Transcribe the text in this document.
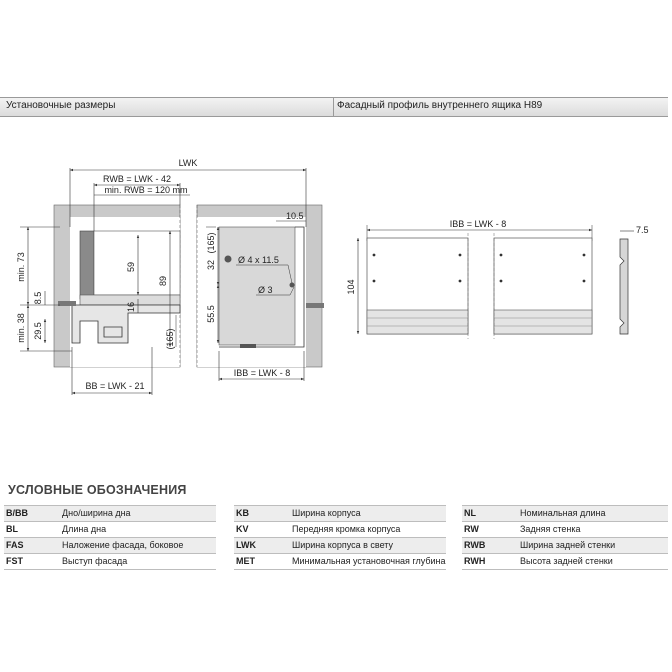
Установочные размеры	Фасадный профиль внутреннего ящика H89
LWK
RWB = LWK - 42
min. RWB = 120 mm
BB = LWK - 21
IBB = LWK - 8
min. 73
8.5
min. 38 29.5
59
16
89
(165)
(165)
32
55.5
Ø 4 x 11.5
Ø 3
10.5
IBB = LWK - 8
104
7.5
УСЛОВНЫЕ ОБОЗНАЧЕНИЯ
B/BB	Дно/ширина дна
BL	Длина дна
FAS	Наложение фасада, боковое
FST	Выступ фасада
KB	Ширина корпуса
KV	Передняя кромка корпуса
LWK	Ширина корпуса в свету
MET	Минимальная установочная глубина
NL	Номинальная длина
RW	Задняя стенка
RWB	Ширина задней стенки
RWH	Высота задней стенки
